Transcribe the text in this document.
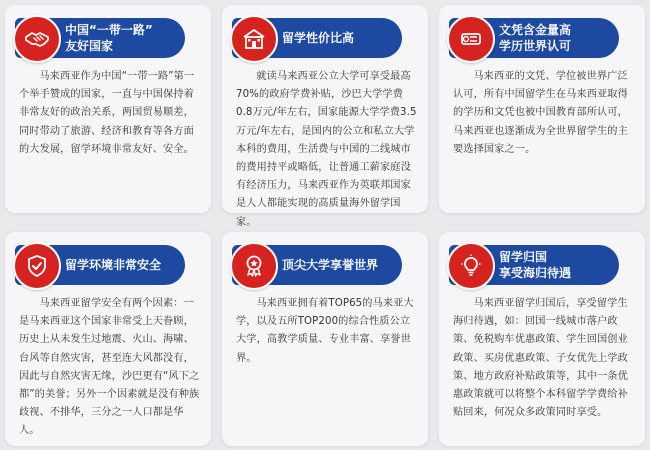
中国“一带一路”
友好国家
马来西亚作为中国“一带一路”第一个举手赞成的国家，一直与中国保持着非常友好的政治关系，两国贸易顺差，同时带动了旅游、经济和教育等各方面的大发展，留学环境非常友好、安全。
留学性价比高
就读马来西亚公立大学可享受最高70%的政府学费补贴，沙巴大学学费0.8万元/年左右，国家能源大学学费3.5万元/年左右，是国内的公立和私立大学本科的费用，生活费与中国的二线城市的费用持平或略低，让普通工薪家庭没有经济压力，马来西亚作为英联邦国家是人人都能实现的高质量海外留学国家。
文凭含金量高
学历世界认可
马来西亚的文凭、学位被世界广泛认可，所有中国留学生在马来西亚取得的学历和文凭也被中国教育部所认可，马来西亚也逐渐成为全世界留学生的主要选择国家之一。
留学环境非常安全
马来西亚留学安全有两个因素：一是马来西亚这个国家非常受上天眷顾，历史上从未发生过地震、火山、海啸、台风等自然灾害，甚至连大风都没有，因此与自然灾害无缘，沙巴更有“风下之都”的美誉；另外一个因素就是没有种族歧视、不排华，三分之一人口都是华人。
顶尖大学享誉世界
马来西亚拥有着TOP65的马来亚大学，以及五所TOP200的综合性质公立大学，高教学质量、专业丰富、享誉世界。
留学归国
享受海归待遇
马来西亚留学归国后，享受留学生海归待遇，如：回国一线城市落户政策、免税购车优惠政策、学生回国创业政策、买房优惠政策、子女优先上学政策、地方政府补贴政策等，其中一条优惠政策就可以将整个本科留学学费给补贴回来，何况众多政策同时享受。
